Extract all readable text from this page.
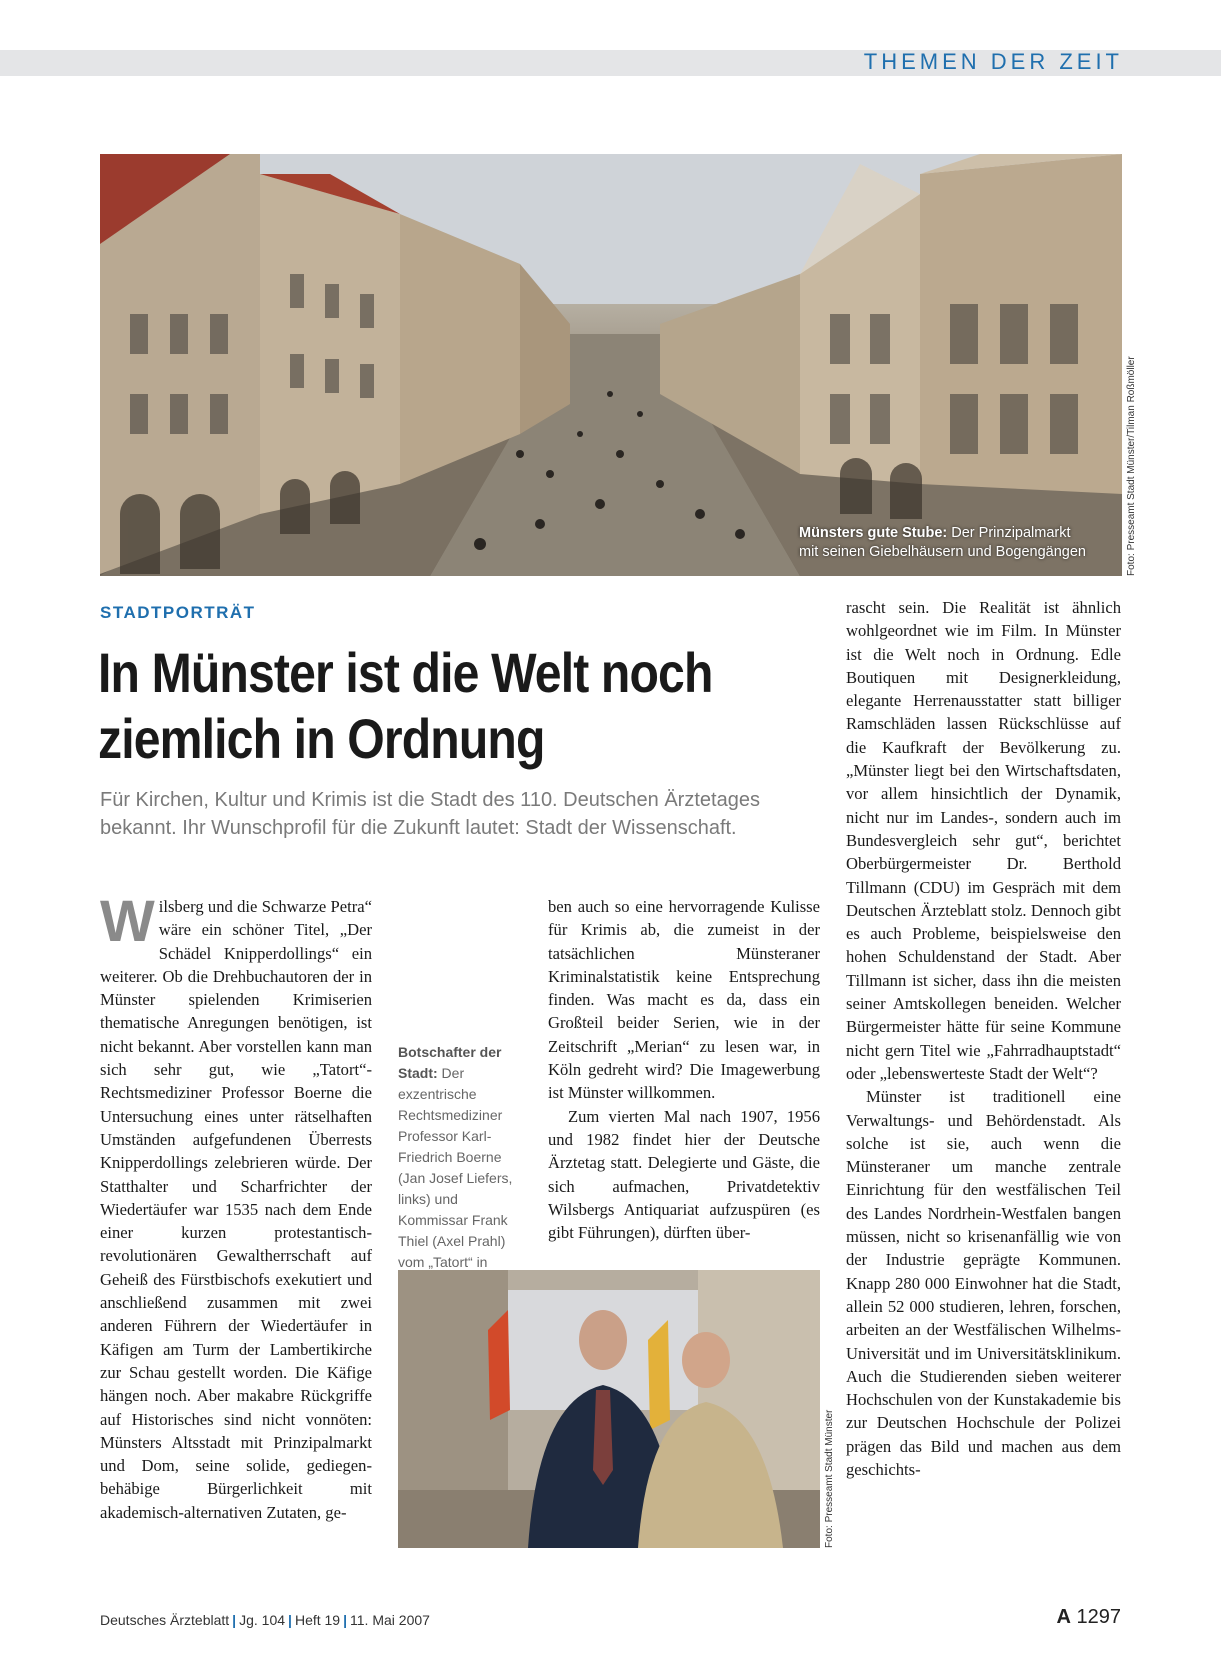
THEMEN DER ZEIT
Münsters gute Stube: Der Prinzipalmarkt
mit seinen Giebelhäusern und Bogengängen	Foto: Presseamt Stadt Münster/Tilman Roßmöller
STADTPORTRÄT
In Münster ist die Welt noch
ziemlich in Ordnung

Für Kirchen, Kultur und Krimis ist die Stadt des 110. Deutschen Ärztetages bekannt. Ihr Wunschprofil für die Zukunft lautet: Stadt der Wissenschaft.

Wilsberg und die Schwarze Petra“ wäre ein schöner Titel, „Der Schädel Knipperdollings“ ein weiterer. Ob die Drehbuchautoren der in Münster spielenden Krimiserien thematische Anregungen benötigen, ist nicht bekannt. Aber vorstellen kann man sich sehr gut, wie „Tatort“-Rechtsmediziner Professor Boerne die Untersuchung eines unter rätselhaften Umständen aufgefundenen Überrests Knipperdollings zelebrieren würde. Der Statthalter und Scharfrichter der Wiedertäufer war 1535 nach dem Ende einer kurzen protestantisch-revolutionären Gewaltherrschaft auf Geheiß des Fürstbischofs exekutiert und anschließend zusammen mit zwei anderen Führern der Wiedertäufer in Käfigen am Turm der Lambertikirche zur Schau gestellt worden. Die Käfige hängen noch. Aber makabre Rückgriffe auf Historisches sind nicht vonnöten: Münsters Altsstadt mit Prinzipalmarkt und Dom, seine solide, gediegen-behäbige Bürgerlichkeit mit akademisch-alternativen Zutaten, ge-

Botschafter der Stadt: Der exzentrische Rechtsmediziner Professor Karl-Friedrich Boerne (Jan Josef Liefers, links) und Kommissar Frank Thiel (Axel Prahl) vom „Tatort“ in

ben auch so eine hervorragende Kulisse für Krimis ab, die zumeist in der tatsächlichen Münsteraner Kriminalstatistik keine Entsprechung finden. Was macht es da, dass ein Großteil beider Serien, wie in der Zeitschrift „Merian“ zu lesen war, in Köln gedreht wird? Die Imagewerbung ist Münster willkommen.

Zum vierten Mal nach 1907, 1956 und 1982 findet hier der Deutsche Ärztetag statt. Delegierte und Gäste, die sich aufmachen, Privatdetektiv Wilsbergs Antiquariat aufzuspüren (es gibt Führungen), dürften über-

Foto: Presseamt Stadt Münster

rascht sein. Die Realität ist ähnlich wohlgeordnet wie im Film. In Münster ist die Welt noch in Ordnung. Edle Boutiquen mit Designerkleidung, elegante Herrenausstatter statt billiger Ramschläden lassen Rückschlüsse auf die Kaufkraft der Bevölkerung zu. „Münster liegt bei den Wirtschaftsdaten, vor allem hinsichtlich der Dynamik, nicht nur im Landes-, sondern auch im Bundesvergleich sehr gut“, berichtet Oberbürgermeister Dr. Berthold Tillmann (CDU) im Gespräch mit dem Deutschen Ärzteblatt stolz. Dennoch gibt es auch Probleme, beispielsweise den hohen Schuldenstand der Stadt. Aber Tillmann ist sicher, dass ihn die meisten seiner Amtskollegen beneiden. Welcher Bürgermeister hätte für seine Kommune nicht gern Titel wie „Fahrradhauptstadt“ oder „lebenswerteste Stadt der Welt“?

Münster ist traditionell eine Verwaltungs- und Behördenstadt. Als solche ist sie, auch wenn die Münsteraner um manche zentrale Einrichtung für den westfälischen Teil des Landes Nordrhein-Westfalen bangen müssen, nicht so krisenanfällig wie von der Industrie geprägte Kommunen. Knapp 280 000 Einwohner hat die Stadt, allein 52 000 studieren, lehren, forschen, arbeiten an der Westfälischen Wilhelms-Universität und im Universitätsklinikum. Auch die Studierenden sieben weiterer Hochschulen von der Kunstakademie bis zur Deutschen Hochschule der Polizei prägen das Bild und machen aus dem geschichts-

Deutsches Ärzteblatt | Jg. 104 | Heft 19 | 11. Mai 2007	A 1297
